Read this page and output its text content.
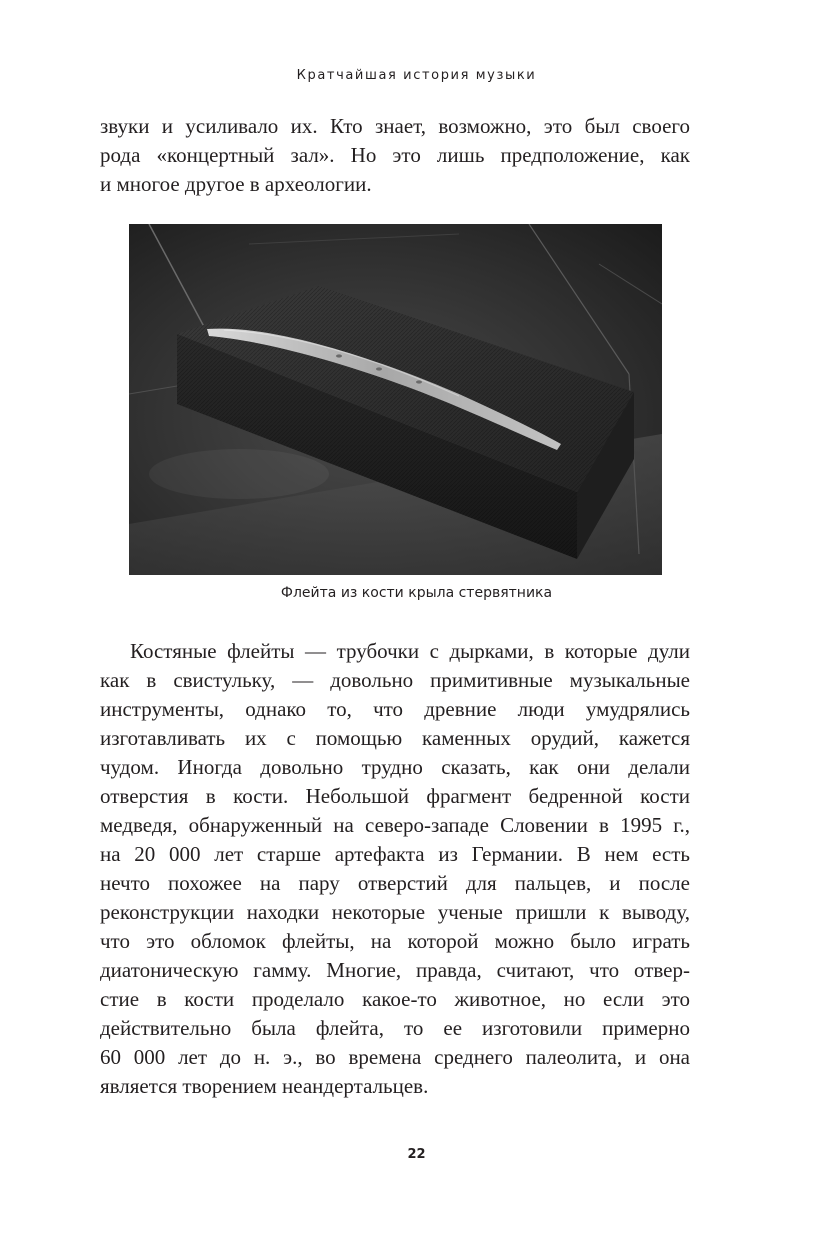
Кратчайшая история музыки
звуки и усиливало их. Кто знает, возможно, это был своего
рода «концертный зал». Но это лишь предположение, как
и многое другое в археологии.
Флейта из кости крыла стервятника
Костяные флейты — трубочки с дырками, в которые дули
как в свистульку, — довольно примитивные музыкальные
инструменты, однако то, что древние люди умудрялись
изготавливать их с помощью каменных орудий, кажется
чудом. Иногда довольно трудно сказать, как они делали
отверстия в кости. Небольшой фрагмент бедренной кости
медведя, обнаруженный на северо-западе Словении в 1995 г.,
на 20 000 лет старше артефакта из Германии. В нем есть
нечто похожее на пару отверстий для пальцев, и после
реконструкции находки некоторые ученые пришли к выводу,
что это обломок флейты, на которой можно было играть
диатоническую гамму. Многие, правда, считают, что отвер-
стие в кости проделало какое-то животное, но если это
действительно была флейта, то ее изготовили примерно
60 000 лет до н. э., во времена среднего палеолита, и она
является творением неандертальцев.
22
